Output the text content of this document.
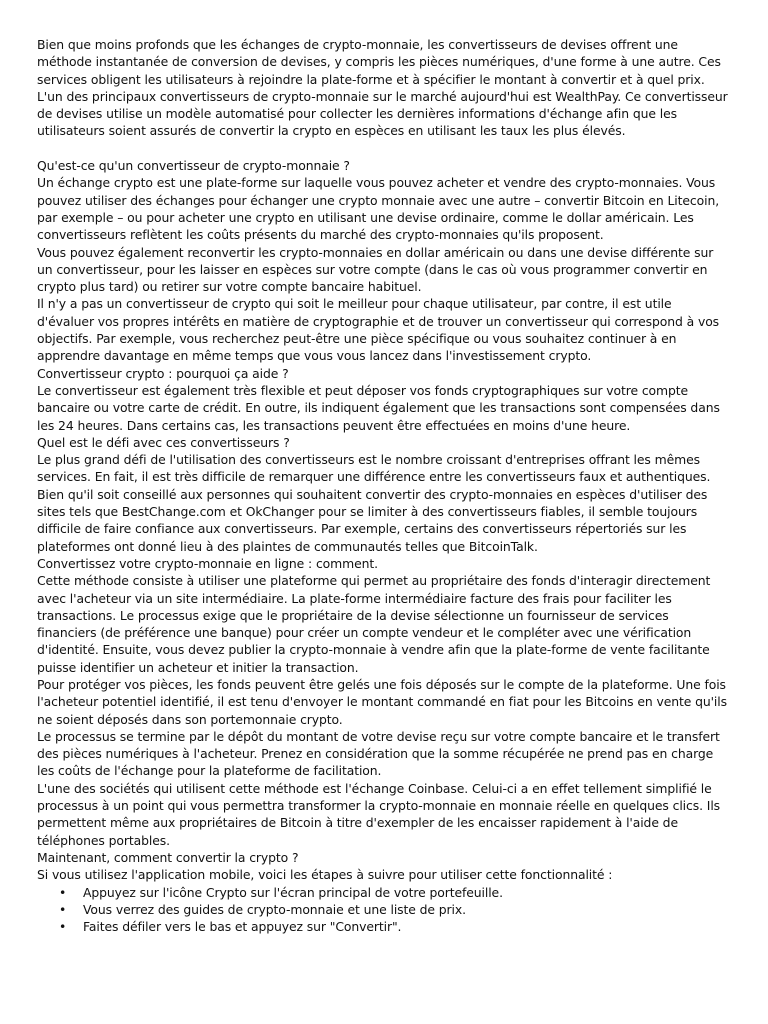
Bien que moins profonds que les échanges de crypto-monnaie, les convertisseurs de devises offrent une méthode instantanée de conversion de devises, y compris les pièces numériques, d'une forme à une autre. Ces services obligent les utilisateurs à rejoindre la plate-forme et à spécifier le montant à convertir et à quel prix. L'un des principaux convertisseurs de crypto-monnaie sur le marché aujourd'hui est WealthPay. Ce convertisseur de devises utilise un modèle automatisé pour collecter les dernières informations d'échange afin que les utilisateurs soient assurés de convertir la crypto en espèces en utilisant les taux les plus élevés.

Qu'est-ce qu'un convertisseur de crypto-monnaie ?

Un échange crypto est une plate-forme sur laquelle vous pouvez acheter et vendre des crypto-monnaies. Vous pouvez utiliser des échanges pour échanger une crypto monnaie avec une autre – convertir Bitcoin en Litecoin, par exemple – ou pour acheter une crypto en utilisant une devise ordinaire, comme le dollar américain. Les convertisseurs reflètent les coûts présents du marché des crypto-monnaies qu'ils proposent.

Vous pouvez également reconvertir les crypto-monnaies en dollar américain ou dans une devise différente sur un convertisseur, pour les laisser en espèces sur votre compte (dans le cas où vous programmer convertir en crypto plus tard) ou retirer sur votre compte bancaire habituel.

Il n'y a pas un convertisseur de crypto qui soit le meilleur pour chaque utilisateur, par contre, il est utile d'évaluer vos propres intérêts en matière de cryptographie et de trouver un convertisseur qui correspond à vos objectifs. Par exemple, vous recherchez peut-être une pièce spécifique ou vous souhaitez continuer à en apprendre davantage en même temps que vous vous lancez dans l'investissement crypto.

Convertisseur crypto : pourquoi ça aide ?

Le convertisseur est également très flexible et peut déposer vos fonds cryptographiques sur votre compte bancaire ou votre carte de crédit. En outre, ils indiquent également que les transactions sont compensées dans les 24 heures. Dans certains cas, les transactions peuvent être effectuées en moins d'une heure.

Quel est le défi avec ces convertisseurs ?

Le plus grand défi de l'utilisation des convertisseurs est le nombre croissant d'entreprises offrant les mêmes services. En fait, il est très difficile de remarquer une différence entre les convertisseurs faux et authentiques. Bien qu'il soit conseillé aux personnes qui souhaitent convertir des crypto-monnaies en espèces d'utiliser des sites tels que BestChange.com et OkChanger pour se limiter à des convertisseurs fiables, il semble toujours difficile de faire confiance aux convertisseurs. Par exemple, certains des convertisseurs répertoriés sur les plateformes ont donné lieu à des plaintes de communautés telles que BitcoinTalk.

Convertissez votre crypto-monnaie en ligne : comment.

Cette méthode consiste à utiliser une plateforme qui permet au propriétaire des fonds d'interagir directement avec l'acheteur via un site intermédiaire. La plate-forme intermédiaire facture des frais pour faciliter les transactions. Le processus exige que le propriétaire de la devise sélectionne un fournisseur de services financiers (de préférence une banque) pour créer un compte vendeur et le compléter avec une vérification d'identité. Ensuite, vous devez publier la crypto-monnaie à vendre afin que la plate-forme de vente facilitante puisse identifier un acheteur et initier la transaction.

Pour protéger vos pièces, les fonds peuvent être gelés une fois déposés sur le compte de la plateforme. Une fois l'acheteur potentiel identifié, il est tenu d'envoyer le montant commandé en fiat pour les Bitcoins en vente qu'ils ne soient déposés dans son portemonnaie crypto.

Le processus se termine par le dépôt du montant de votre devise reçu sur votre compte bancaire et le transfert des pièces numériques à l'acheteur. Prenez en considération que la somme récupérée ne prend pas en charge les coûts de l'échange pour la plateforme de facilitation.

L'une des sociétés qui utilisent cette méthode est l'échange Coinbase. Celui-ci a en effet tellement simplifié le processus à un point qui vous permettra transformer la crypto-monnaie en monnaie réelle en quelques clics. Ils permettent même aux propriétaires de Bitcoin à titre d'exempler de les encaisser rapidement à l'aide de téléphones portables.

Maintenant, comment convertir la crypto ?

Si vous utilisez l'application mobile, voici les étapes à suivre pour utiliser cette fonctionnalité :

• Appuyez sur l'icône Crypto sur l'écran principal de votre portefeuille.
• Vous verrez des guides de crypto-monnaie et une liste de prix.
• Faites défiler vers le bas et appuyez sur "Convertir".
